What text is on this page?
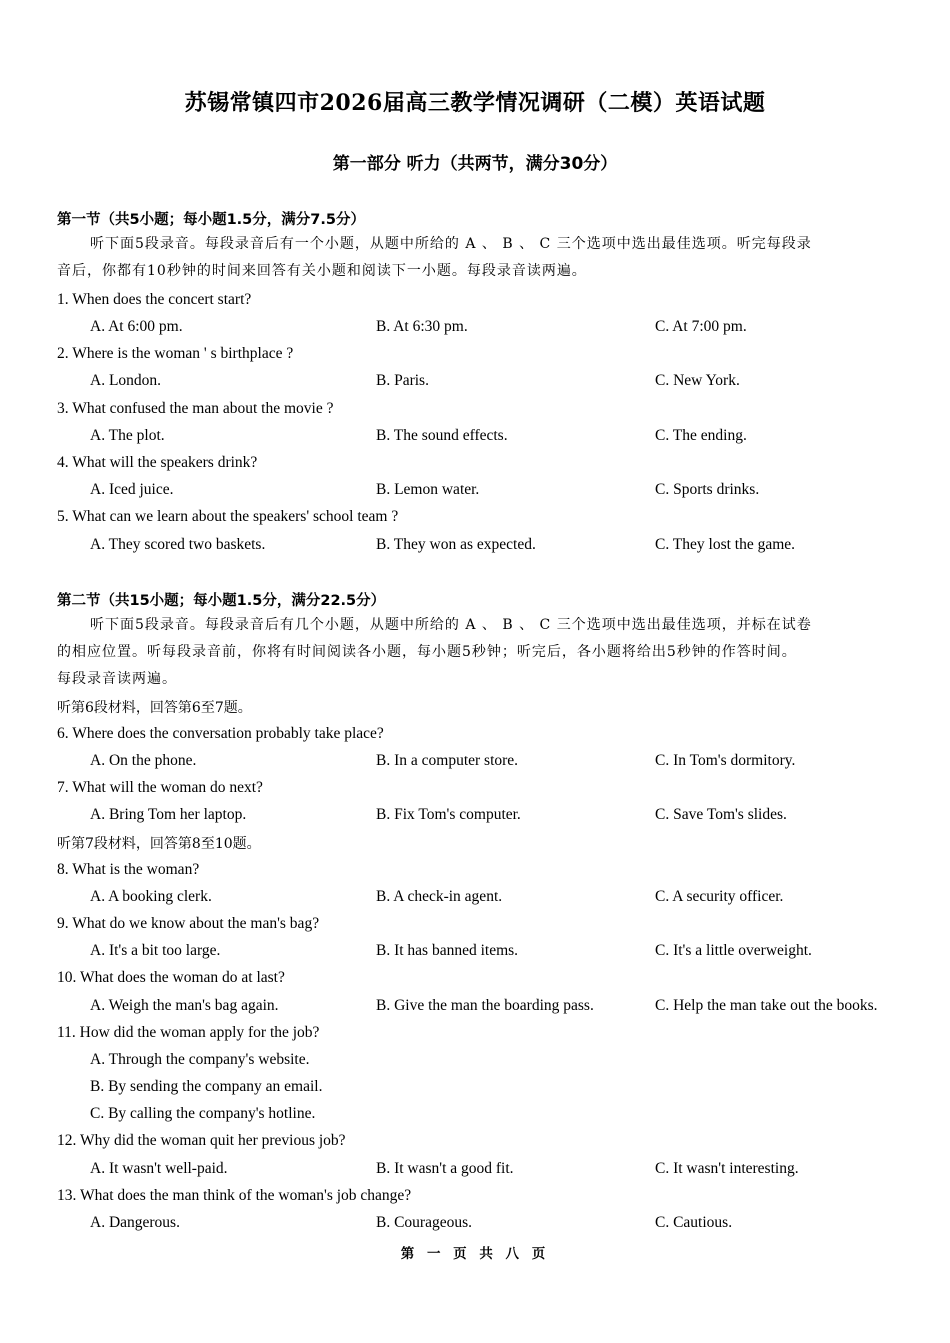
苏锡常镇四市2026届高三教学情况调研（二模）英语试题
第一部分 听力（共两节，满分30分）
第一节（共5小题；每小题1.5分，满分7.5分）
听下面5段录音。每段录音后有一个小题，从题中所给的 A 、 B 、 C 三个选项中选出最佳选项。听完每段录
音后，你都有10秒钟的时间来回答有关小题和阅读下一小题。每段录音读两遍。
1. When does the concert start?
A. At 6:00 pm.	B. At 6:30 pm.	C. At 7:00 pm.
2. Where is the woman ' s birthplace ?
A. London.	B. Paris.	C. New York.
3. What confused the man about the movie ?
A. The plot.	B. The sound effects.	C. The ending.
4. What will the speakers drink?
A. Iced juice.	B. Lemon water.	C. Sports drinks.
5. What can we learn about the speakers' school team ?
A. They scored two baskets.	B. They won as expected.	C. They lost the game.
第二节（共15小题；每小题1.5分，满分22.5分）
听下面5段录音。每段录音后有几个小题，从题中所给的 A 、 B 、 C 三个选项中选出最佳选项，并标在试卷
的相应位置。听每段录音前，你将有时间阅读各小题，每小题5秒钟；听完后，各小题将给出5秒钟的作答时间。
每段录音读两遍。
听第6段材料，回答第6至7题。
6. Where does the conversation probably take place?
A. On the phone.	B. In a computer store.	C. In Tom's dormitory.
7. What will the woman do next?
A. Bring Tom her laptop.	B. Fix Tom's computer.	C. Save Tom's slides.
听第7段材料，回答第8至10题。
8. What is the woman?
A. A booking clerk.	B. A check-in agent.	C. A security officer.
9. What do we know about the man's bag?
A. It's a bit too large.	B. It has banned items.	C. It's a little overweight.
10. What does the woman do at last?
A. Weigh the man's bag again.	B. Give the man the boarding pass.	C. Help the man take out the books.
11. How did the woman apply for the job?
A. Through the company's website.
B. By sending the company an email.
C. By calling the company's hotline.
12. Why did the woman quit her previous job?
A. It wasn't well-paid.	B. It wasn't a good fit.	C. It wasn't interesting.
13. What does the man think of the woman's job change?
A. Dangerous.	B. Courageous.	C. Cautious.
第 一 页 共 八 页
